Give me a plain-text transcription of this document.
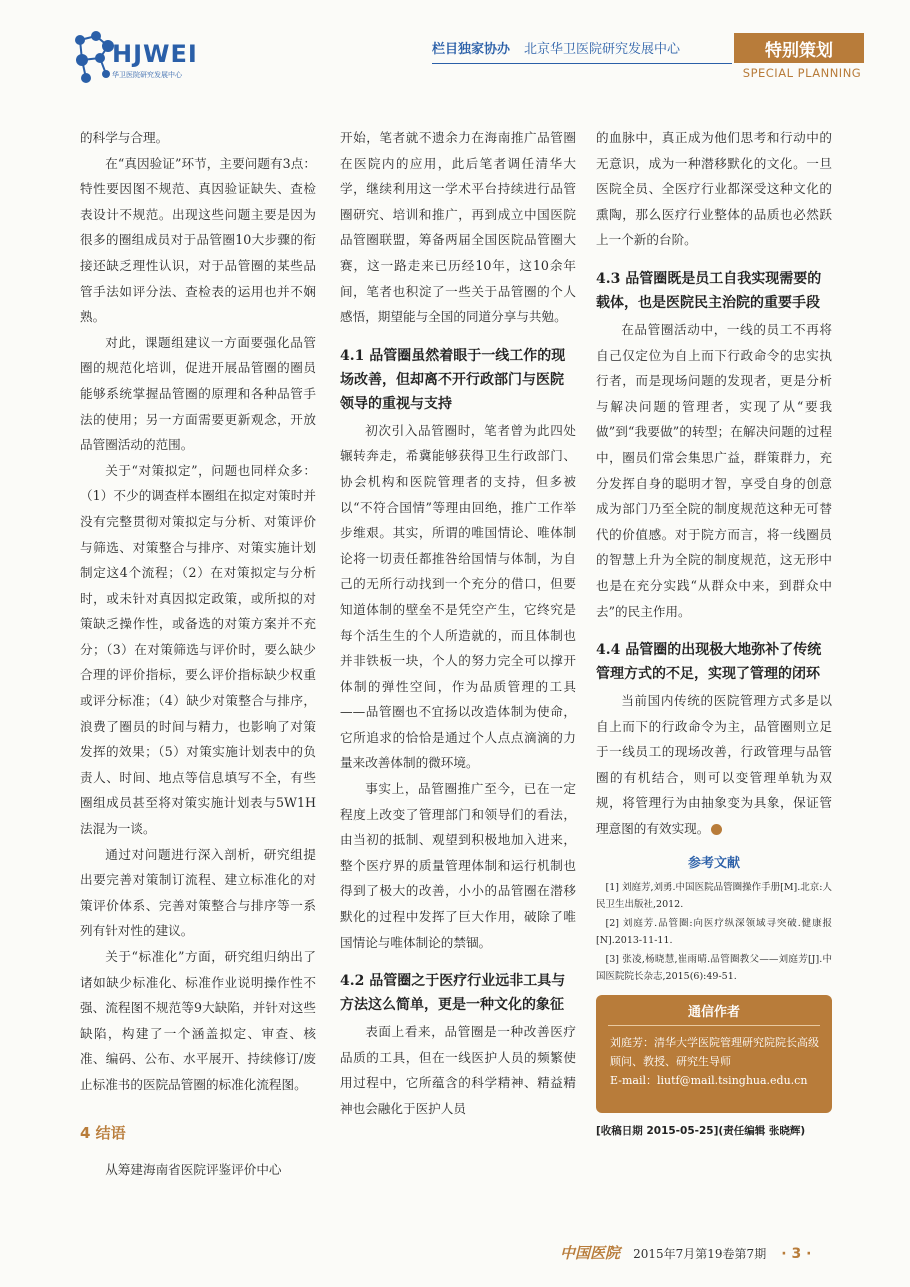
HJWEI
华卫医院研究发展中心
栏目独家协办 北京华卫医院研究发展中心	特别策划
SPECIAL PLANNING

的科学与合理。

在“真因验证”环节，主要问题有3点：特性要因图不规范、真因验证缺失、查检表设计不规范。出现这些问题主要是因为很多的圈组成员对于品管圈10大步骤的衔接还缺乏理性认识，对于品管圈的某些品管手法如评分法、查检表的运用也并不娴熟。

对此，课题组建议一方面要强化品管圈的规范化培训，促进开展品管圈的圈员能够系统掌握品管圈的原理和各种品管手法的使用；另一方面需要更新观念，开放品管圈活动的范围。

关于“对策拟定”，问题也同样众多：（1）不少的调查样本圈组在拟定对策时并没有完整贯彻对策拟定与分析、对策评价与筛选、对策整合与排序、对策实施计划制定这4个流程；（2）在对策拟定与分析时，或未针对真因拟定政策，或所拟的对策缺乏操作性，或备选的对策方案并不充分；（3）在对策筛选与评价时，要么缺少合理的评价指标，要么评价指标缺少权重或评分标准；（4）缺少对策整合与排序，浪费了圈员的时间与精力，也影响了对策发挥的效果；（5）对策实施计划表中的负责人、时间、地点等信息填写不全，有些圈组成员甚至将对策实施计划表与5W1H法混为一谈。

通过对问题进行深入剖析，研究组提出要完善对策制订流程、建立标准化的对策评价体系、完善对策整合与排序等一系列有针对性的建议。

关于“标准化”方面，研究组归纳出了诸如缺少标准化、标准作业说明操作性不强、流程图不规范等9大缺陷，并针对这些缺陷，构建了一个涵盖拟定、审查、核准、编码、公布、水平展开、持续修订/废止标准书的医院品管圈的标准化流程图。

4 结语

从筹建海南省医院评鉴评价中心

开始，笔者就不遗余力在海南推广品管圈在医院内的应用，此后笔者调任清华大学，继续利用这一学术平台持续进行品管圈研究、培训和推广，再到成立中国医院品管圈联盟，筹备两届全国医院品管圈大赛，这一路走来已历经10年，这10余年间，笔者也积淀了一些关于品管圈的个人感悟，期望能与全国的同道分享与共勉。

4.1 品管圈虽然着眼于一线工作的现场改善，但却离不开行政部门与医院领导的重视与支持

初次引入品管圈时，笔者曾为此四处辗转奔走，希冀能够获得卫生行政部门、协会机构和医院管理者的支持，但多被以“不符合国情”等理由回绝，推广工作举步维艰。其实，所谓的唯国情论、唯体制论将一切责任都推咎给国情与体制，为自己的无所行动找到一个充分的借口，但要知道体制的壁垒不是凭空产生，它终究是每个活生生的个人所造就的，而且体制也并非铁板一块，个人的努力完全可以撑开体制的弹性空间，作为品质管理的工具——品管圈也不宜扬以改造体制为使命，它所追求的恰恰是通过个人点点滴滴的力量来改善体制的微环境。

事实上，品管圈推广至今，已在一定程度上改变了管理部门和领导们的看法，由当初的抵制、观望到积极地加入进来，整个医疗界的质量管理体制和运行机制也得到了极大的改善，小小的品管圈在潜移默化的过程中发挥了巨大作用，破除了唯国情论与唯体制论的禁锢。

4.2 品管圈之于医疗行业远非工具与方法这么简单，更是一种文化的象征

表面上看来，品管圈是一种改善医疗品质的工具，但在一线医护人员的频繁使用过程中，它所蕴含的科学精神、精益精神也会融化于医护人员

的血脉中，真正成为他们思考和行动中的无意识，成为一种潜移默化的文化。一旦医院全员、全医疗行业都深受这种文化的熏陶，那么医疗行业整体的品质也必然跃上一个新的台阶。

4.3 品管圈既是员工自我实现需要的载体，也是医院民主治院的重要手段

在品管圈活动中，一线的员工不再将自己仅定位为自上而下行政命令的忠实执行者，而是现场问题的发现者，更是分析与解决问题的管理者，实现了从“要我做”到“我要做”的转型；在解决问题的过程中，圈员们常会集思广益，群策群力，充分发挥自身的聪明才智，享受自身的创意成为部门乃至全院的制度规范这种无可替代的价值感。对于院方而言，将一线圈员的智慧上升为全院的制度规范，这无形中也是在充分实践“从群众中来，到群众中去”的民主作用。

4.4 品管圈的出现极大地弥补了传统管理方式的不足，实现了管理的闭环

当前国内传统的医院管理方式多是以自上而下的行政命令为主，品管圈则立足于一线员工的现场改善，行政管理与品管圈的有机结合，则可以变管理单轨为双规，将管理行为由抽象变为具象，保证管理意图的有效实现。

参考文献

[1] 刘庭芳,刘勇.中国医院品管圈操作手册[M].北京:人民卫生出版社,2012.

[2] 刘庭芳.品管圈:向医疗纵深领域寻突破.健康报[N].2013-11-11.

[3] 张凌,杨晓慧,崔雨晴.品管圈教父——刘庭芳[J].中国医院院长杂志,2015(6):49-51.

通信作者
刘庭芳：清华大学医院管理研究院院长高级顾问、教授、研究生导师
E-mail：liutf@mail.tsinghua.edu.cn
[收稿日期 2015-05-25](责任编辑 张晓辉)
中国医院 2015年7月第19卷第7期 · 3 ·
